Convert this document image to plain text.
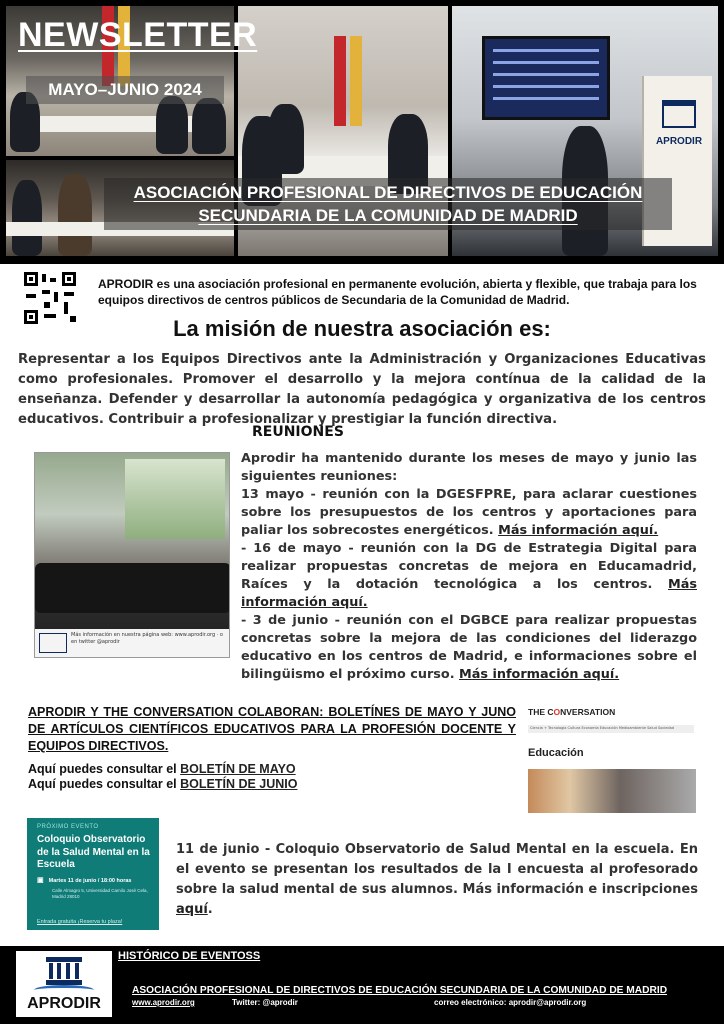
APRODIR
NEWSLETTER
MAYO–JUNIO 2024
ASOCIACIÓN PROFESIONAL DE DIRECTIVOS DE EDUCACIÓN
SECUNDARIA DE LA COMUNIDAD DE MADRID
APRODIR es una asociación profesional en permanente evolución, abierta y flexible, que trabaja para los equipos directivos de centros públicos de Secundaria de la Comunidad de Madrid.
La misión de nuestra asociación es:
Representar a los Equipos Directivos ante la Administración y Organizaciones Educativas como profesionales. Promover el desarrollo y la mejora contínua de la calidad de la enseñanza. Defender y desarrollar la autonomía pedagógica y organizativa de los centros educativos. Contribuir a profesionalizar y prestigiar la función directiva.
REUNIONES
Más información en nuestra página web: www.aprodir.org · o en twitter @aprodir

Aprodir ha mantenido durante los meses de mayo y junio las siguientes reuniones:

13 mayo - reunión con la DGESFPRE, para aclarar cuestiones sobre los presupuestos de los centros y aportaciones para paliar los sobrecostes energéticos. Más información aquí.

- 16 de mayo - reunión con la DG de Estrategia Digital para realizar propuestas concretas de mejora en Educamadrid, Raíces y la dotación tecnológica a los centros. Más información aquí.

- 3 de junio - reunión con el DGBCE para realizar propuestas concretas sobre la mejora de las condiciones del liderazgo educativo en los centros de Madrid, e informaciones sobre el bilingüismo el próximo curso. Más información aquí.

APRODIR Y THE CONVERSATION COLABORAN: BOLETÍNES DE MAYO Y JUNO DE ARTÍCULOS CIENTÍFICOS EDUCATIVOS PARA LA PROFESIÓN DOCENTE Y EQUIPOS DIRECTIVOS.
Aquí puedes consultar el BOLETÍN DE MAYO
Aquí puedes consultar el BOLETÍN DE JUNIO
THE CONVERSATION
Ciencia + Tecnología Cultura Economía Educación Medioambiente Salud Sociedad
Educación
PRÓXIMO EVENTO
Coloquio Observatorio de la Salud Mental en la Escuela
▣ Martes 11 de junio / 18:00 horas
Calle Almagro 5, Universidad Camilo José Cela, Madrid 28010
Entrada gratuita ¡Reserva tu plaza!
11 de junio - Coloquio Observatorio de Salud Mental en la escuela. En el evento se presentan los resultados de la I encuesta al profesorado sobre la salud mental de sus alumnos. Más información e inscripciones aquí.
APRODIR
HISTÓRICO DE EVENTOSS
ASOCIACIÓN PROFESIONAL DE DIRECTIVOS DE EDUCACIÓN SECUNDARIA DE LA COMUNIDAD DE MADRID
www.aprodir.org	Twitter: @aprodir	correo electrónico: aprodir@aprodir.org
